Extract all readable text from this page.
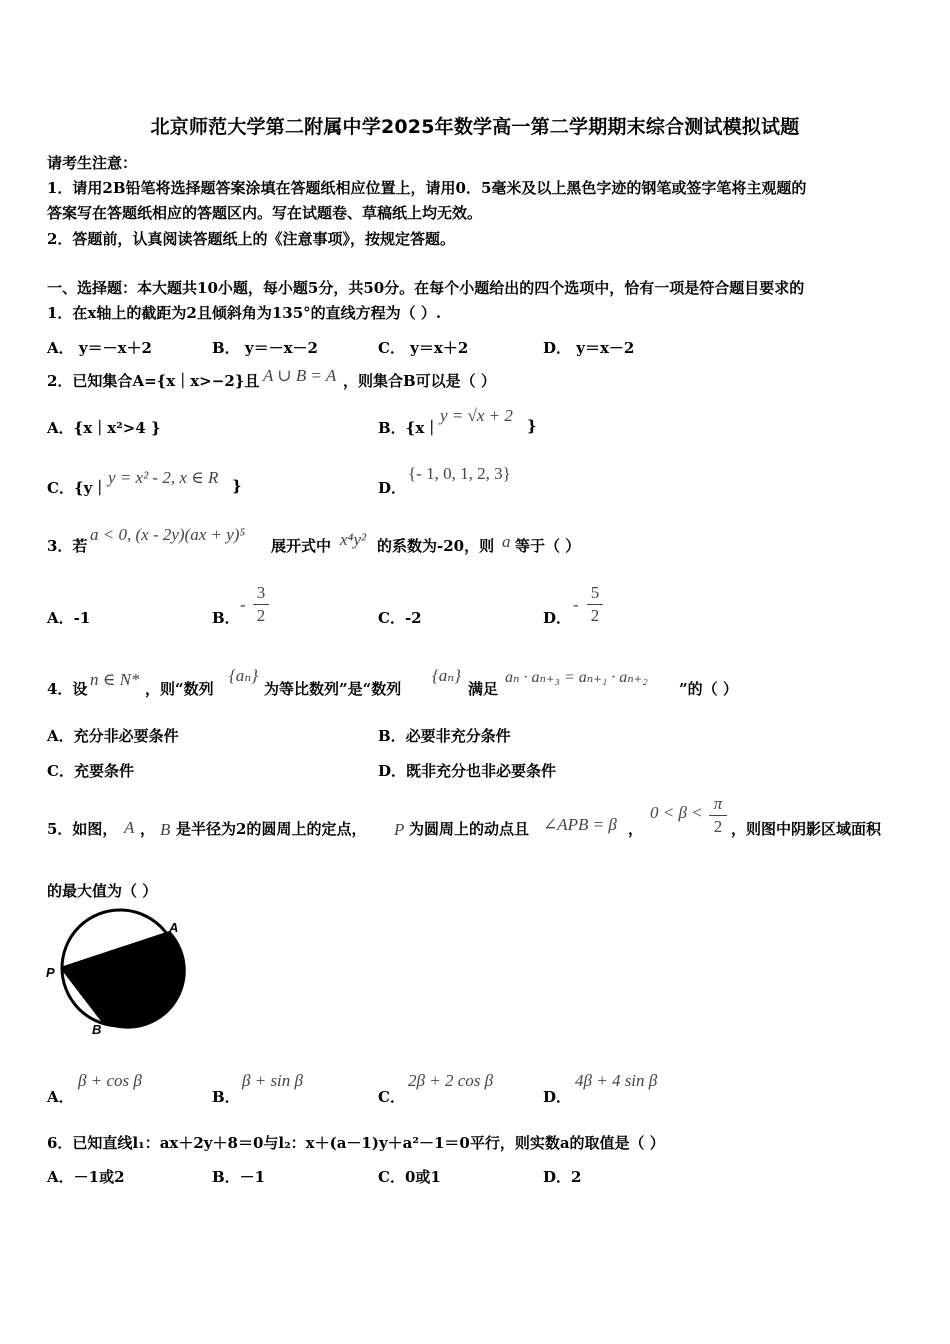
北京师范大学第二附属中学2025年数学高一第二学期期末综合测试模拟试题
请考生注意：
1．请用2B铅笔将选择题答案涂填在答题纸相应位置上，请用0．5毫米及以上黑色字迹的钢笔或签字笔将主观题的
答案写在答题纸相应的答题区内。写在试题卷、草稿纸上均无效。
2．答题前，认真阅读答题纸上的《注意事项》，按规定答题。
一、选择题：本大题共10小题，每小题5分，共50分。在每个小题给出的四个选项中，恰有一项是符合题目要求的
1．在x轴上的截距为2且倾斜角为135°的直线方程为（ ）.
A． y＝－x＋2	B． y＝－x－2	C． y＝x＋2	D． y＝x－2
2．已知集合A={x｜x>−2}且 A ∪ B = A ，则集合B可以是（ ）
A．{x｜x²>4 }	B．{x｜
y = √x + 2
}
C．{y｜
y = x² - 2, x ∈ R }	D．
{- 1, 0, 1, 2, 3}
3．若
a < 0, (x - 2y)(ax + y)⁵
展开式中 x⁴y² 的系数为-20，则 a 等于（ ）
A．-1	B．
-
3
2	C．-2	D．
-
5
2
4．设 n ∈ N* ，则“数列
{aₙ}
为等比数列”是“数列
{aₙ}
满足
aₙ · aₙ₊₃ = aₙ₊₁ · aₙ₊₂
”的（ ）
A．充分非必要条件	B．必要非充分条件
C．充要条件	D．既非充分也非必要条件
5．如图， A ， B 是半径为2的圆周上的定点， P 为圆周上的动点且 ∠APB = β ，
0 < β < π
2 ，则图中阴影区域面积
的最大值为（ ）
A
P
B
A．
β + cos β
B．
β + sin β
C．
2β + 2 cos β
D．
4β + 4 sin β
6．已知直线l₁：ax＋2y＋8＝0与l₂：x＋(a－1)y＋a²－1＝0平行，则实数a的取值是（ ）
A．－1或2	B．－1	C．0或1	D．2
